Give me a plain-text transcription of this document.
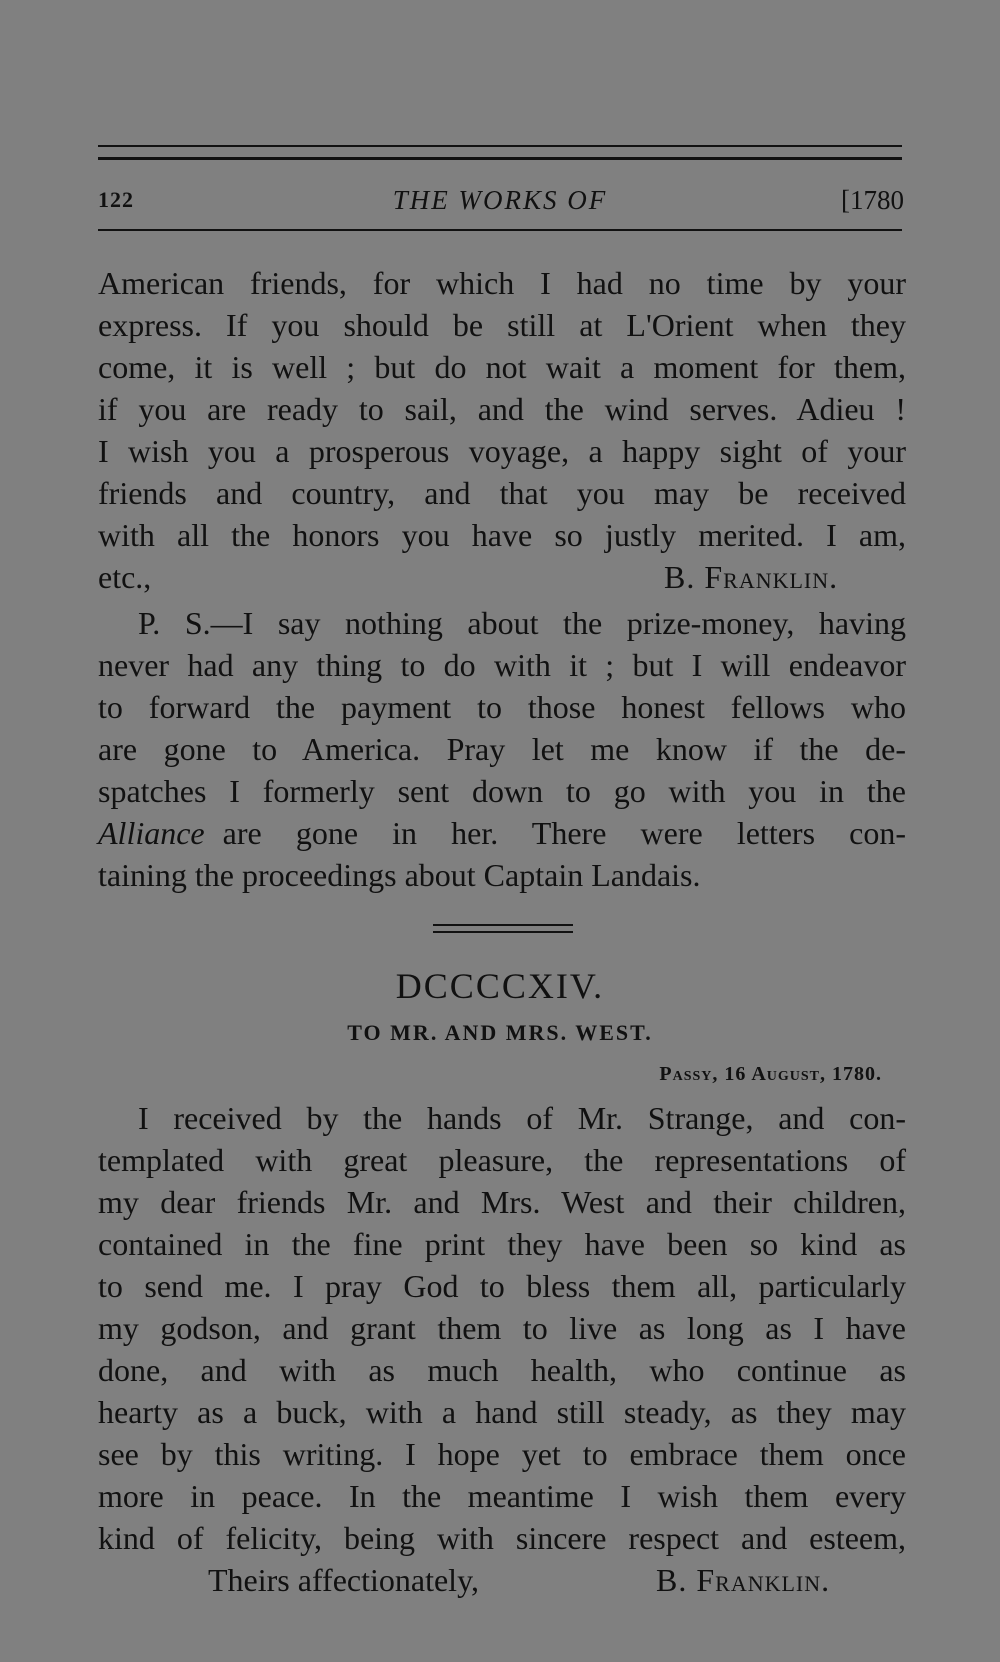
122	THE WORKS OF	[1780
American friends, for which I had no time by your
express. If you should be still at L'Orient when they
come, it is well ; but do not wait a moment for them,
if you are ready to sail, and the wind serves. Adieu !
I wish you a prosperous voyage, a happy sight of your
friends and country, and that you may be received
with all the honors you have so justly merited. I am,
etc.,	B. Franklin.
P. S.—I say nothing about the prize-money, having
never had any thing to do with it ; but I will endeavor
to forward the payment to those honest fellows who
are gone to America. Pray let me know if the de-
spatches I formerly sent down to go with you in the
Alliance are gone in her. There were letters con-
taining the proceedings about Captain Landais.
DCCCCXIV.
TO MR. AND MRS. WEST.
Passy, 16 August, 1780.
I received by the hands of Mr. Strange, and con-
templated with great pleasure, the representations of
my dear friends Mr. and Mrs. West and their children,
contained in the fine print they have been so kind as
to send me. I pray God to bless them all, particularly
my godson, and grant them to live as long as I have
done, and with as much health, who continue as
hearty as a buck, with a hand still steady, as they may
see by this writing. I hope yet to embrace them once
more in peace. In the meantime I wish them every
kind of felicity, being with sincere respect and esteem,
Theirs affectionately,	B. Franklin.
